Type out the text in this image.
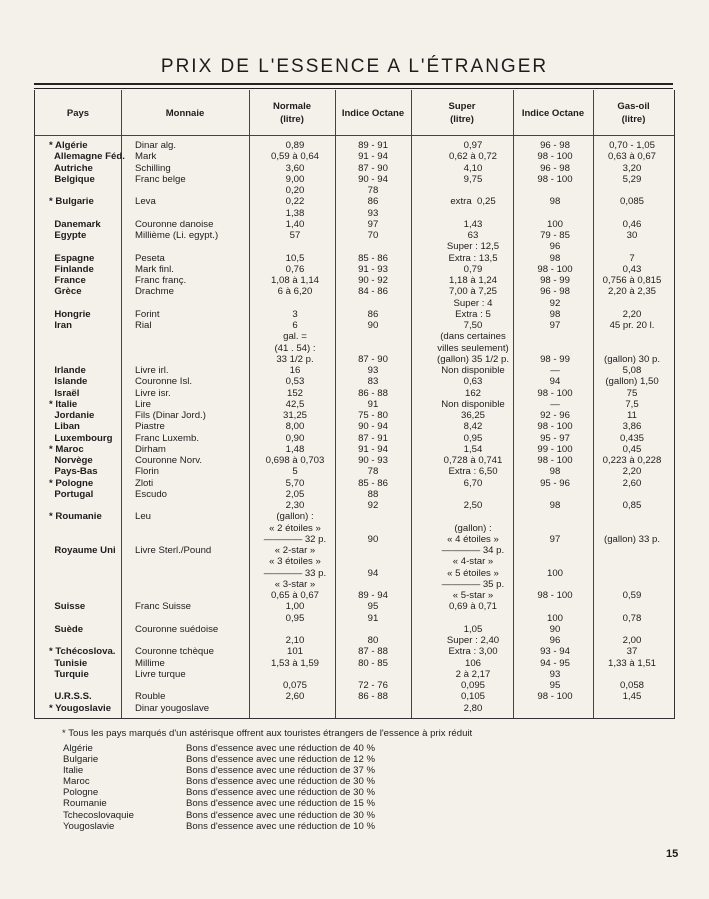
PRIX DE L'ESSENCE A L'ÉTRANGER
Pays	Monnaie
Normale
(litre)
Indice Octane
Super
(litre)
Indice Octane
Gas-oil
(litre)
* Algérie
Allemagne Féd.
Autriche
Belgique

* Bulgarie

Danemark
Egypte

Espagne
Finlande
France
Grèce

Hongrie
Iran

Irlande
Islande
Israël
* Italie
Jordanie
Liban
Luxembourg
* Maroc
Norvège
Pays-Bas
* Pologne
Portugal

* Roumanie

Royaume Uni

Suisse

Suède

* Tchécoslova.
Tunisie
Turquie

U.R.S.S.
* Yougoslavie
Dinar alg.
Mark
Schilling
Franc belge

Leva

Couronne danoise
Millième (Li. egypt.)

Peseta
Mark finl.
Franc franç.
Drachme

Forint
Rial

Livre irl.
Couronne Isl.
Livre isr.
Lire
Fils (Dinar Jord.)
Piastre
Franc Luxemb.
Dirham
Couronne Norv.
Florin
Zloti
Escudo

Leu

Livre Sterl./Pound

Franc Suisse

Couronne suédoise

Couronne tchèque
Millime
Livre turque

Rouble
Dinar yougoslave
0,89
0,59 à 0,64
3,60
9,00
0,20
0,22
1,38
1,40
57

10,5
0,76
1,08 à 1,14
6 à 6,20

3
6
gal. =
(41 . 54) :
33 1/2 p.
16
0,53
152
42,5
31,25
8,00
0,90
1,48
0,698 à 0,703
5
5,70
2,05
2,30
(gallon) :
« 2 étoiles »
———— 32 p.
« 2-star »
« 3 étoiles »
———— 33 p.
« 3-star »
0,65 à 0,67
1,00
0,95

2,10
101
1,53 à 1,59

0,075
2,60
89 - 91
91 - 94
87 - 90
90 - 94
78
86
93
97
70

85 - 86
91 - 93
90 - 92
84 - 86

86
90

87 - 90
93
83
86 - 88
91
75 - 80
90 - 94
87 - 91
91 - 94
90 - 93
78
85 - 86
88
92

90

94

89 - 94
95
91

80
87 - 88
80 - 85

72 - 76
86 - 88
0,97
0,62 à 0,72
4,10
9,75

extra  0,25

1,43
63
Super : 12,5
Extra : 13,5
0,79
1,18 à 1,24
7,00 à 7,25
Super : 4
Extra : 5
7,50
(dans certaines
villes seulement)
(gallon) 35 1/2 p.
Non disponible
0,63
162
Non disponible
36,25
8,42
0,95
1,54
0,728 à 0,741
Extra : 6,50
6,70

2,50

(gallon) :
« 4 étoiles »
———— 34 p.
« 4-star »
« 5 étoiles »
———— 35 p.
« 5-star »
0,69 à 0,71

1,05
Super : 2,40
Extra : 3,00
106
2 à 2,17
0,095
0,105
2,80
96 - 98
98 - 100
96 - 98
98 - 100

98

100
79 - 85
96
98
98 - 100
98 - 99
96 - 98
92
98
97

98 - 99
—
94
98 - 100
—
92 - 96
98 - 100
95 - 97
99 - 100
98 - 100
98
95 - 96

98

97

100

98 - 100

100
90
96
93 - 94
94 - 95
93
95
98 - 100
0,70 - 1,05
0,63 à 0,67
3,20
5,29

0,085

0,46
30

7
0,43
0,756 à 0,815
2,20 à 2,35

2,20
45 pr. 20 l.

(gallon) 30 p.
5,08
(gallon) 1,50
75
7,5
11
3,86
0,435
0,45
0,223 à 0,228
2,20
2,60

0,85

(gallon) 33 p.

0,59

0,78

2,00
37
1,33 à 1,51

0,058
1,45
* Tous les pays marqués d'un astérisque offrent aux touristes étrangers de l'essence à prix réduit
Algérie
Bulgarie
Italie
Maroc
Pologne
Roumanie
Tchecoslovaquie
Yougoslavie
Bons d'essence avec une réduction de 40 %
Bons d'essence avec une réduction de 12 %
Bons d'essence avec une réduction de 37 %
Bons d'essence avec une réduction de 30 %
Bons d'essence avec une réduction de 30 %
Bons d'essence avec une réduction de 15 %
Bons d'essence avec une réduction de 30 %
Bons d'essence avec une réduction de 10 %
15
